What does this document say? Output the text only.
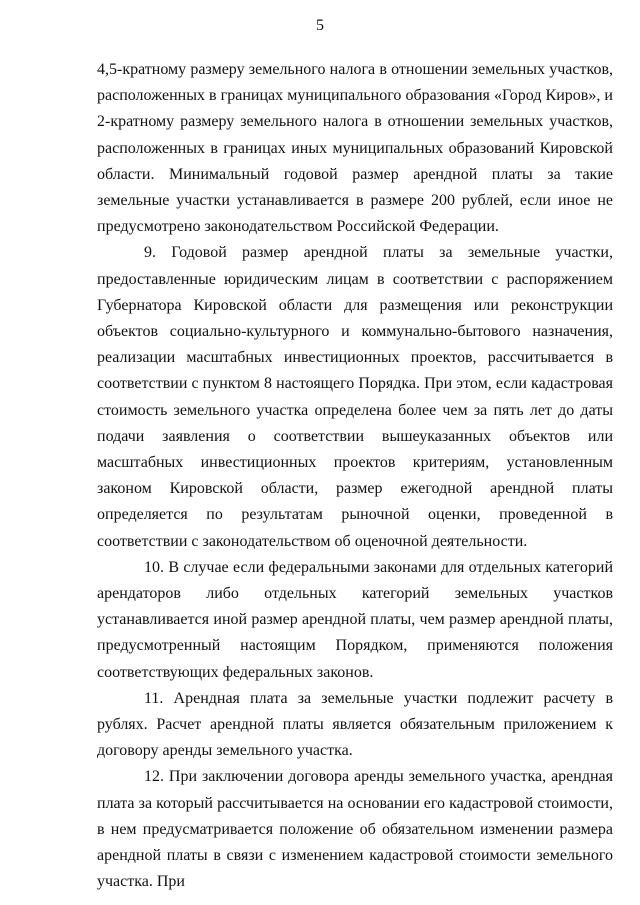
5

4,5-кратному размеру земельного налога в отношении земельных участков, расположенных в границах муниципального образования «Город Киров», и 2-кратному размеру земельного налога в отношении земельных участков, расположенных в границах иных муниципальных образований Кировской области. Минимальный годовой размер арендной платы за такие земельные участки устанавливается в размере 200 рублей, если иное не предусмотрено законодательством Российской Федерации.

9. Годовой размер арендной платы за земельные участки, предоставленные юридическим лицам в соответствии с распоряжением Губернатора Кировской области для размещения или реконструкции объектов социально-культурного и коммунально-бытового назначения, реализации масштабных инвестиционных проектов, рассчитывается в соответствии с пунктом 8 настоящего Порядка. При этом, если кадастровая стоимость земельного участка определена более чем за пять лет до даты подачи заявления о соответствии вышеуказанных объектов или масштабных инвестиционных проектов критериям, установленным законом Кировской области, размер ежегодной арендной платы определяется по результатам рыночной оценки, проведенной в соответствии с законодательством об оценочной деятельности.

10. В случае если федеральными законами для отдельных категорий арендаторов либо отдельных категорий земельных участков устанавливается иной размер арендной платы, чем размер арендной платы, предусмотренный настоящим Порядком, применяются положения соответствующих федеральных законов.

11. Арендная плата за земельные участки подлежит расчету в рублях. Расчет арендной платы является обязательным приложением к договору аренды земельного участка.

12. При заключении договора аренды земельного участка, арендная плата за который рассчитывается на основании его кадастровой стоимости, в нем предусматривается положение об обязательном изменении размера арендной платы в связи с изменением кадастровой стоимости земельного участка. При
